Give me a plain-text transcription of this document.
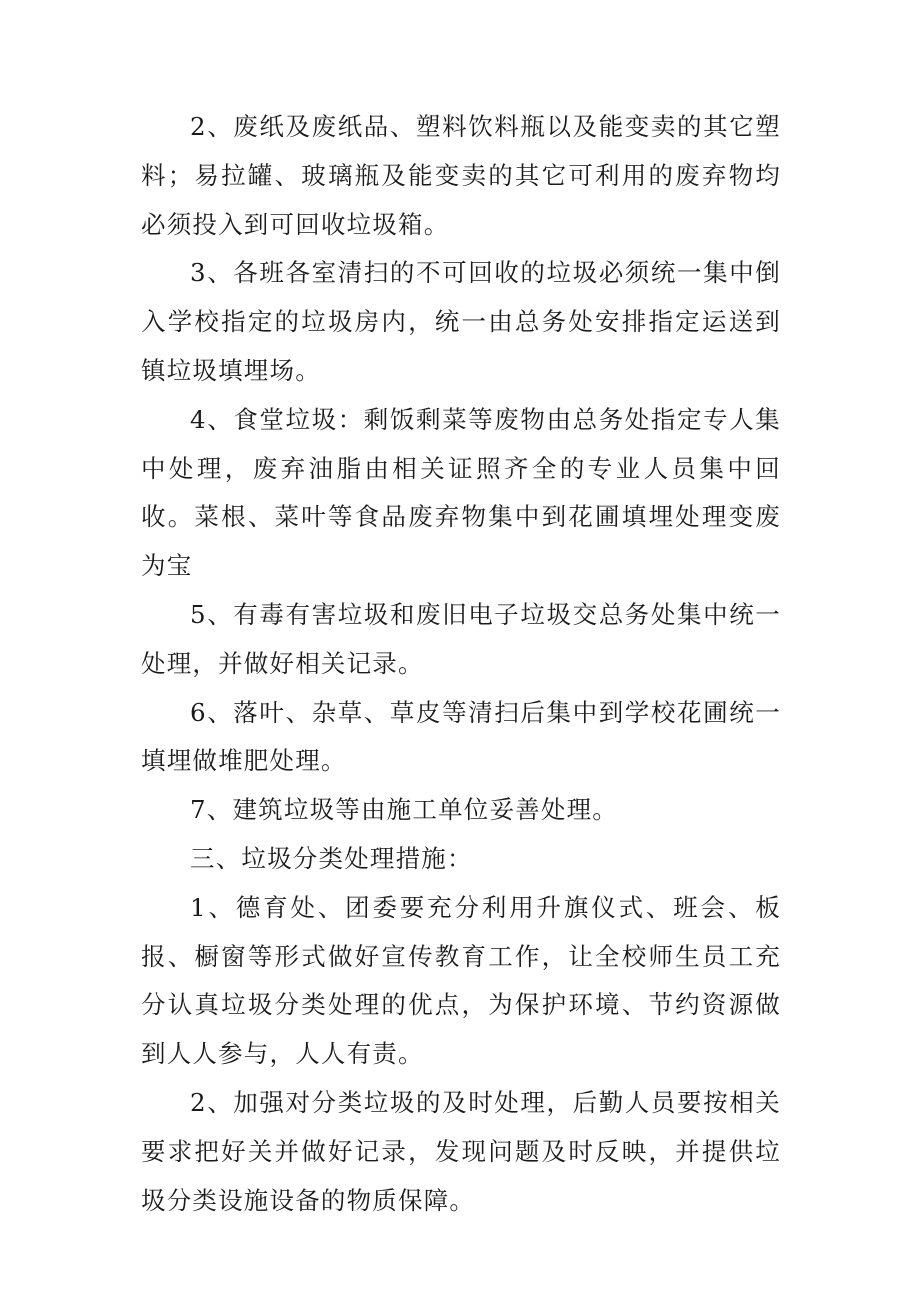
2、废纸及废纸品、塑料饮料瓶以及能变卖的其它塑料；易拉罐、玻璃瓶及能变卖的其它可利用的废弃物均必须投入到可回收垃圾箱。

3、各班各室清扫的不可回收的垃圾必须统一集中倒入学校指定的垃圾房内，统一由总务处安排指定运送到镇垃圾填埋场。

4、食堂垃圾：剩饭剩菜等废物由总务处指定专人集中处理，废弃油脂由相关证照齐全的专业人员集中回收。菜根、菜叶等食品废弃物集中到花圃填埋处理变废为宝

5、有毒有害垃圾和废旧电子垃圾交总务处集中统一处理，并做好相关记录。

6、落叶、杂草、草皮等清扫后集中到学校花圃统一填埋做堆肥处理。

7、建筑垃圾等由施工单位妥善处理。

三、垃圾分类处理措施：

1、德育处、团委要充分利用升旗仪式、班会、板报、橱窗等形式做好宣传教育工作，让全校师生员工充分认真垃圾分类处理的优点，为保护环境、节约资源做到人人参与，人人有责。

2、加强对分类垃圾的及时处理，后勤人员要按相关要求把好关并做好记录，发现问题及时反映，并提供垃圾分类设施设备的物质保障。
